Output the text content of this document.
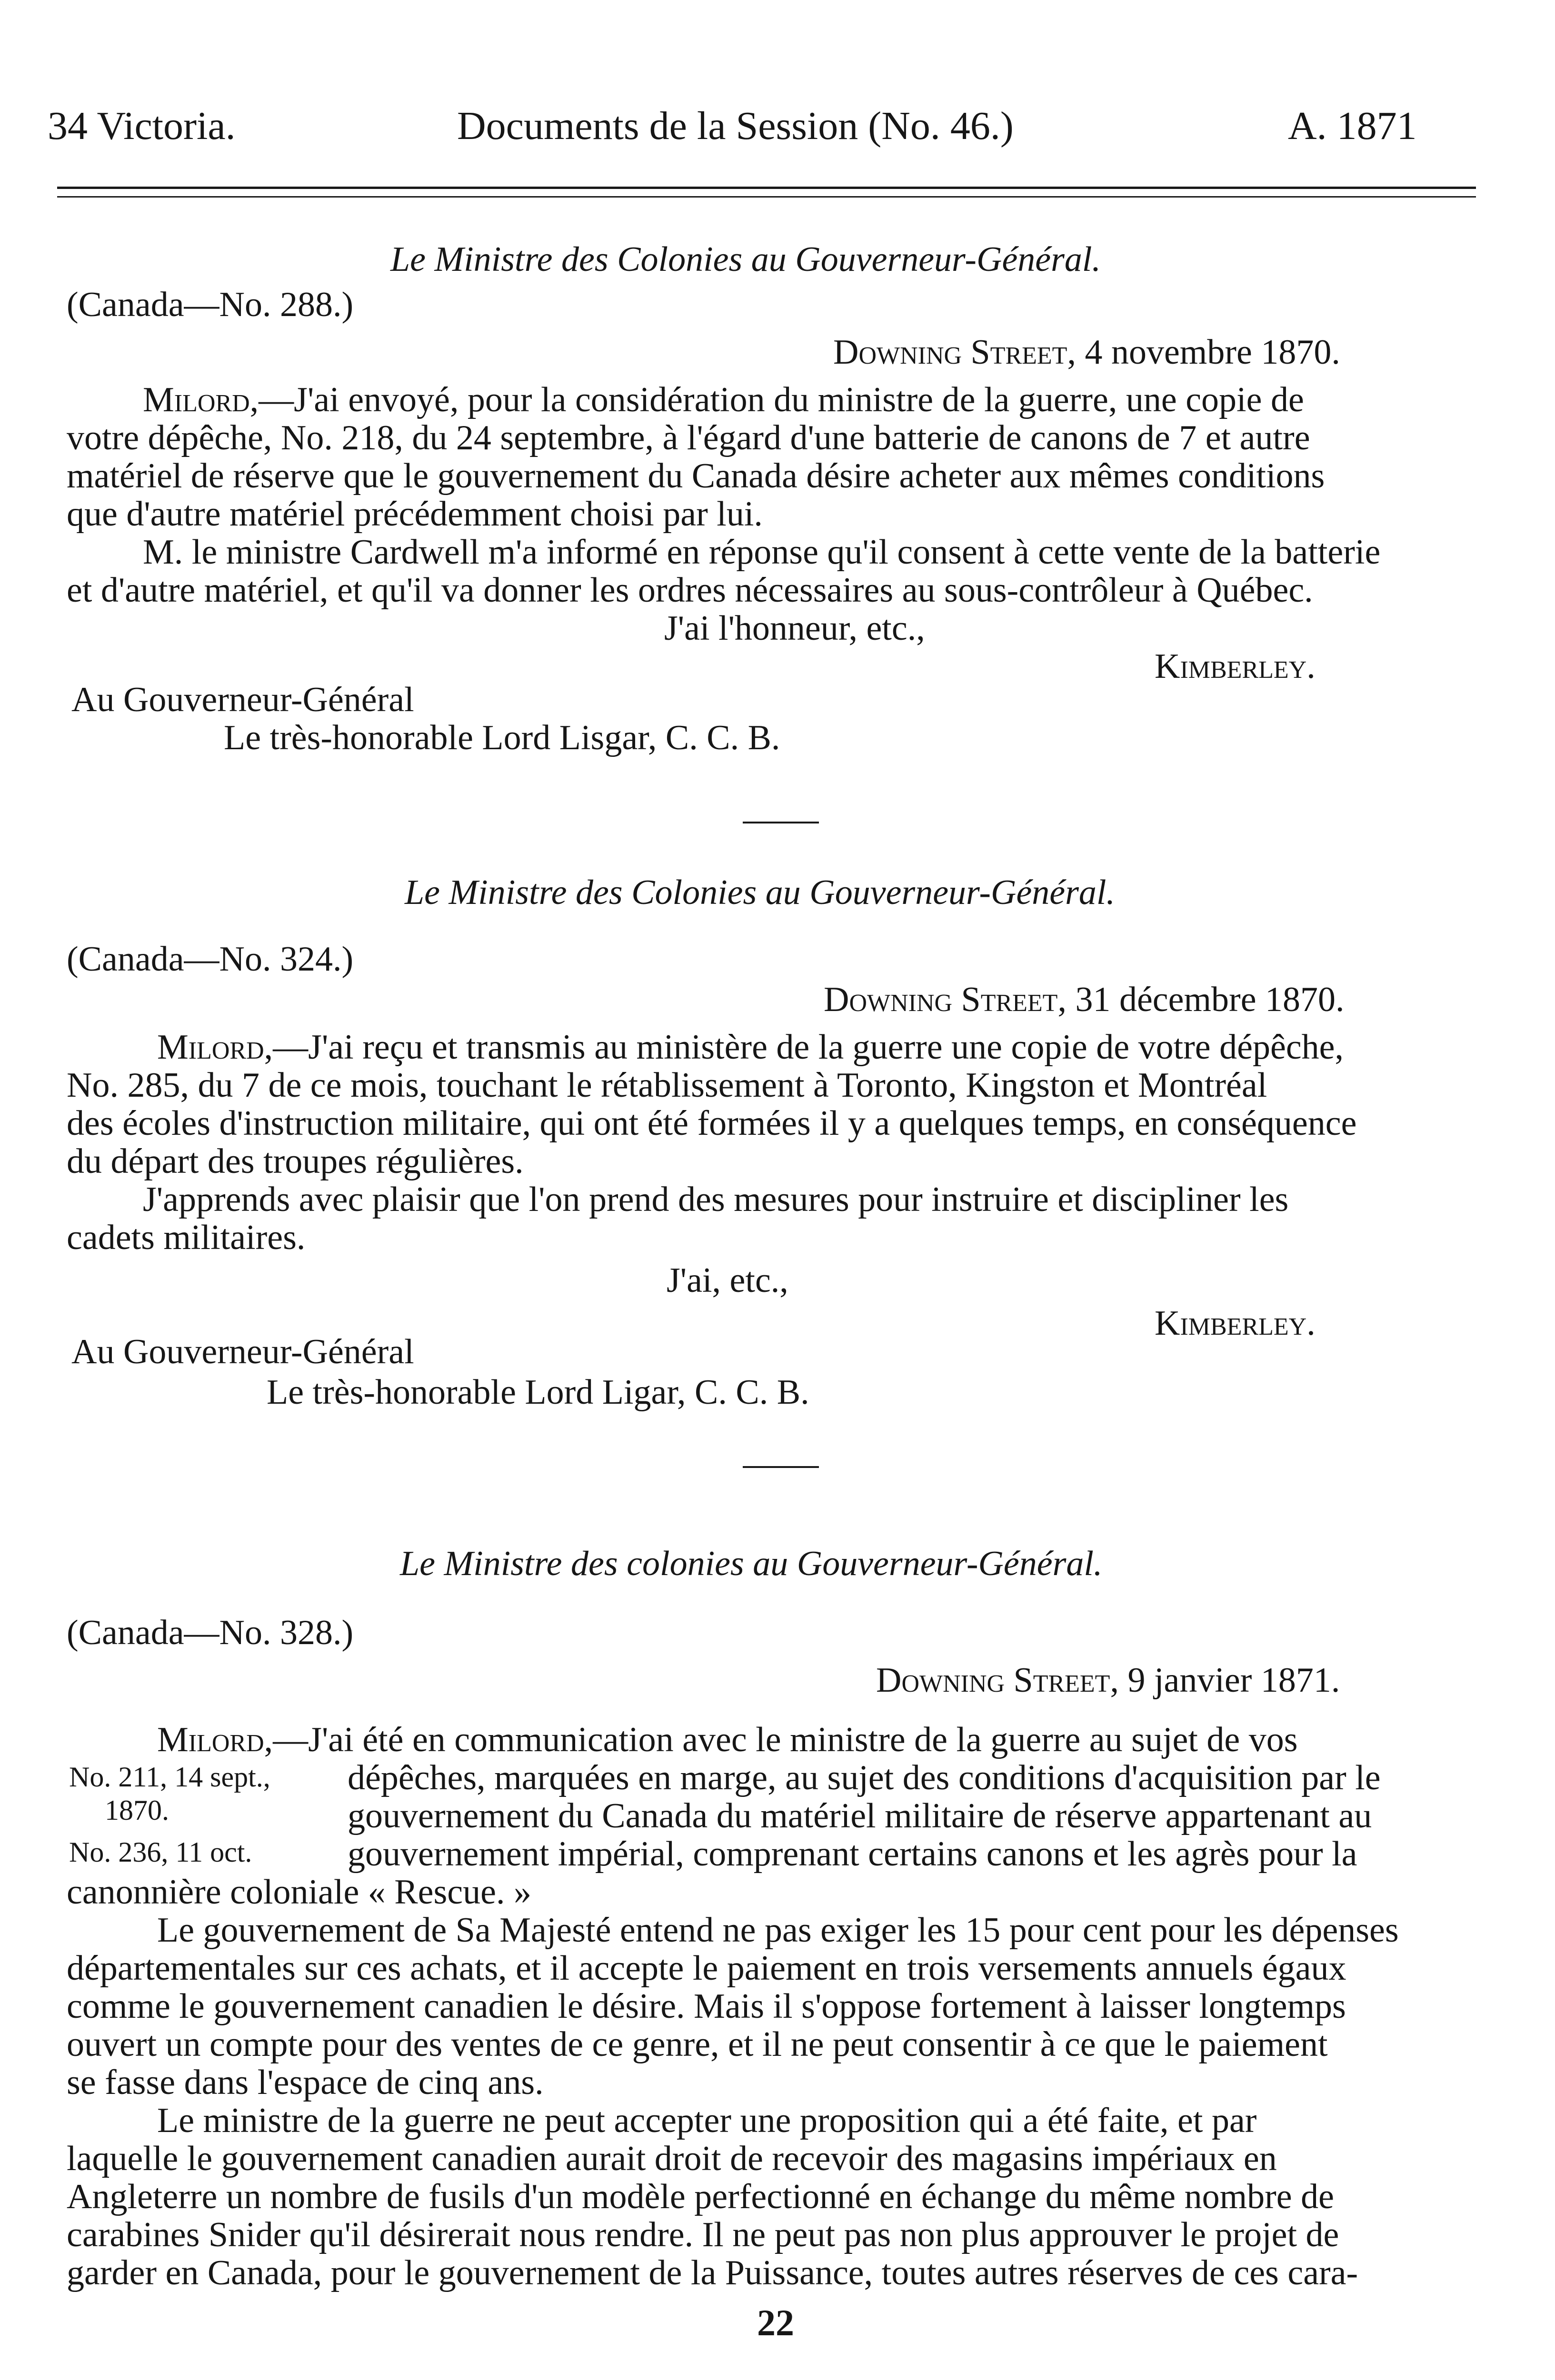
34 Victoria.	Documents de la Session (No. 46.)	A. 1871
Le Ministre des Colonies au Gouverneur-Général.
(Canada—No. 288.)
Downing Street, 4 novembre 1870.
Milord,—J'ai envoyé, pour la considération du ministre de la guerre, une copie de
votre dépêche, No. 218, du 24 septembre, à l'égard d'une batterie de canons de 7 et autre
matériel de réserve que le gouvernement du Canada désire acheter aux mêmes conditions
que d'autre matériel précédemment choisi par lui.
M. le ministre Cardwell m'a informé en réponse qu'il consent à cette vente de la batterie
et d'autre matériel, et qu'il va donner les ordres nécessaires au sous-contrôleur à Québec.
J'ai l'honneur, etc.,
Kimberley.
Au Gouverneur-Général
Le très-honorable Lord Lisgar, C. C. B.
Le Ministre des Colonies au Gouverneur-Général.
(Canada—No. 324.)
Downing Street, 31 décembre 1870.
Milord,—J'ai reçu et transmis au ministère de la guerre une copie de votre dépêche,
No. 285, du 7 de ce mois, touchant le rétablissement à Toronto, Kingston et Montréal
des écoles d'instruction militaire, qui ont été formées il y a quelques temps, en conséquence
du départ des troupes régulières.
J'apprends avec plaisir que l'on prend des mesures pour instruire et discipliner les
cadets militaires.
J'ai, etc.,
Kimberley.
Au Gouverneur-Général
Le très-honorable Lord Ligar, C. C. B.
Le Ministre des colonies au Gouverneur-Général.
(Canada—No. 328.)
Downing Street, 9 janvier 1871.
Milord,—J'ai été en communication avec le ministre de la guerre au sujet de vos
No. 211, 14 sept.,
1870.
No. 236, 11 oct.
dépêches, marquées en marge, au sujet des conditions d'acquisition par le
gouvernement du Canada du matériel militaire de réserve appartenant au
gouvernement impérial, comprenant certains canons et les agrès pour la
canonnière coloniale « Rescue. »
Le gouvernement de Sa Majesté entend ne pas exiger les 15 pour cent pour les dépenses
départementales sur ces achats, et il accepte le paiement en trois versements annuels égaux
comme le gouvernement canadien le désire. Mais il s'oppose fortement à laisser longtemps
ouvert un compte pour des ventes de ce genre, et il ne peut consentir à ce que le paiement
se fasse dans l'espace de cinq ans.
Le ministre de la guerre ne peut accepter une proposition qui a été faite, et par
laquelle le gouvernement canadien aurait droit de recevoir des magasins impériaux en
Angleterre un nombre de fusils d'un modèle perfectionné en échange du même nombre de
carabines Snider qu'il désirerait nous rendre. Il ne peut pas non plus approuver le projet de
garder en Canada, pour le gouvernement de la Puissance, toutes autres réserves de ces cara-
22
